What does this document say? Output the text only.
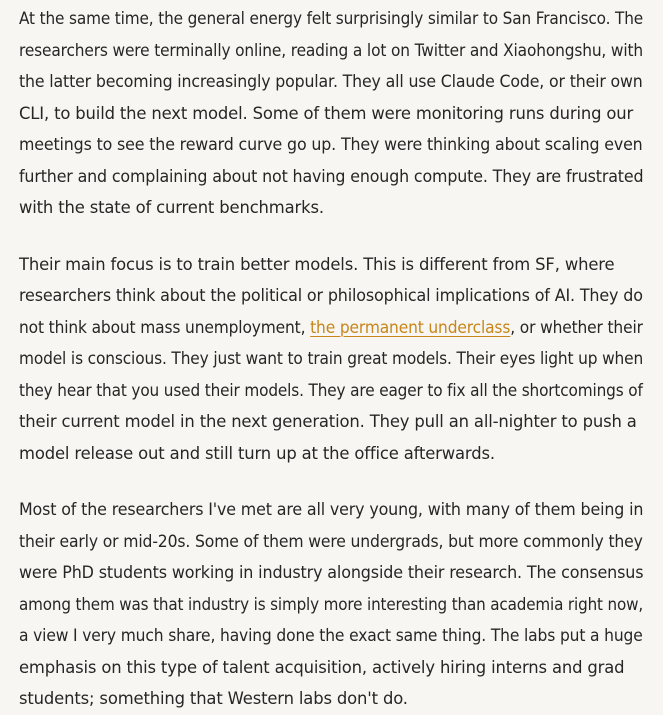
At the same time, the general energy felt surprisingly similar to San Francisco. The
researchers were terminally online, reading a lot on Twitter and Xiaohongshu, with
the latter becoming increasingly popular. They all use Claude Code, or their own
CLI, to build the next model. Some of them were monitoring runs during our
meetings to see the reward curve go up. They were thinking about scaling even
further and complaining about not having enough compute. They are frustrated
with the state of current benchmarks.

Their main focus is to train better models. This is different from SF, where
researchers think about the political or philosophical implications of AI. They do
not think about mass unemployment, the permanent underclass, or whether their
model is conscious. They just want to train great models. Their eyes light up when
they hear that you used their models. They are eager to fix all the shortcomings of
their current model in the next generation. They pull an all-nighter to push a
model release out and still turn up at the office afterwards.

Most of the researchers I've met are all very young, with many of them being in
their early or mid-20s. Some of them were undergrads, but more commonly they
were PhD students working in industry alongside their research. The consensus
among them was that industry is simply more interesting than academia right now,
a view I very much share, having done the exact same thing. The labs put a huge
emphasis on this type of talent acquisition, actively hiring interns and grad
students; something that Western labs don't do.
